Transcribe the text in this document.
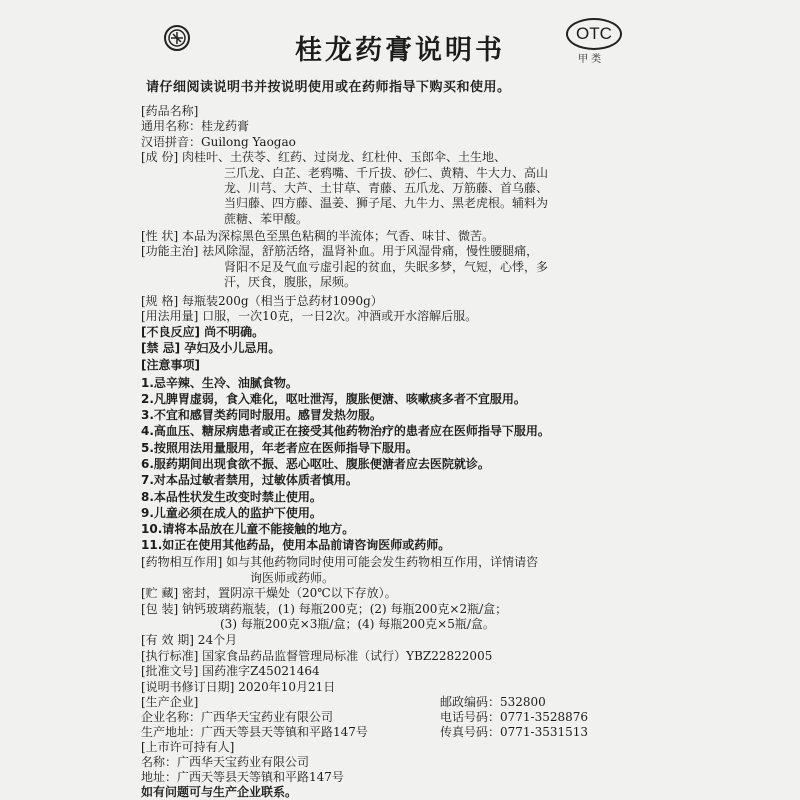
桂龙药膏说明书
OTC
甲 类
请仔细阅读说明书并按说明使用或在药师指导下购买和使用。
[药品名称]
通用名称：桂龙药膏
汉语拼音：Guilong Yaogao
[成 份] 肉桂叶、土茯苓、红药、过岗龙、红杜仲、玉郎伞、土生地、
三爪龙、白芷、老鸦嘴、千斤拔、砂仁、黄精、牛大力、高山
龙、川芎、大芦、土甘草、青藤、五爪龙、万筋藤、首乌藤、
当归藤、四方藤、温姜、狮子尾、九牛力、黑老虎根。辅料为
蔗糖、苯甲酸。
[性 状] 本品为深棕黑色至黑色粘稠的半流体；气香、味甘、微苦。
[功能主治] 祛风除湿，舒筋活络，温肾补血。用于风湿骨痛，慢性腰腿痛，
肾阳不足及气血亏虚引起的贫血，失眠多梦，气短，心悸，多
汗，厌食，腹胀，尿频。
[规 格] 每瓶装200g（相当于总药材1090g）
[用法用量] 口服，一次10克，一日2次。冲酒或开水溶解后服。
[不良反应] 尚不明确。
[禁 忌] 孕妇及小儿忌用。
[注意事项]
1.忌辛辣、生冷、油腻食物。
2.凡脾胃虚弱，食入难化，呕吐泄泻，腹胀便溏、咳嗽痰多者不宜服用。
3.不宜和感冒类药同时服用。感冒发热勿服。
4.高血压、糖尿病患者或正在接受其他药物治疗的患者应在医师指导下服用。
5.按照用法用量服用，年老者应在医师指导下服用。
6.服药期间出现食欲不振、恶心呕吐、腹胀便溏者应去医院就诊。
7.对本品过敏者禁用，过敏体质者慎用。
8.本品性状发生改变时禁止使用。
9.儿童必须在成人的监护下使用。
10.请将本品放在儿童不能接触的地方。
11.如正在使用其他药品，使用本品前请咨询医师或药师。
[药物相互作用] 如与其他药物同时使用可能会发生药物相互作用，详情请咨
询医师或药师。
[贮 藏] 密封，置阴凉干燥处（20℃以下存放）。
[包 装] 钠钙玻璃药瓶装，(1) 每瓶200克；(2) 每瓶200克×2瓶/盒；
(3) 每瓶200克×3瓶/盒；(4) 每瓶200克×5瓶/盒。
[有 效 期] 24个月
[执行标准] 国家食品药品监督管理局标准（试行）YBZ22822005
[批准文号] 国药准字Z45021464
[说明书修订日期] 2020年10月21日
[生产企业]
企业名称：广西华天宝药业有限公司
生产地址：广西天等县天等镇和平路147号
[上市许可持有人]
名称：广西华天宝药业有限公司
地址：广西天等县天等镇和平路147号
如有问题可与生产企业联系。
邮政编码：532800
电话号码：0771-3528876
传真号码：0771-3531513
